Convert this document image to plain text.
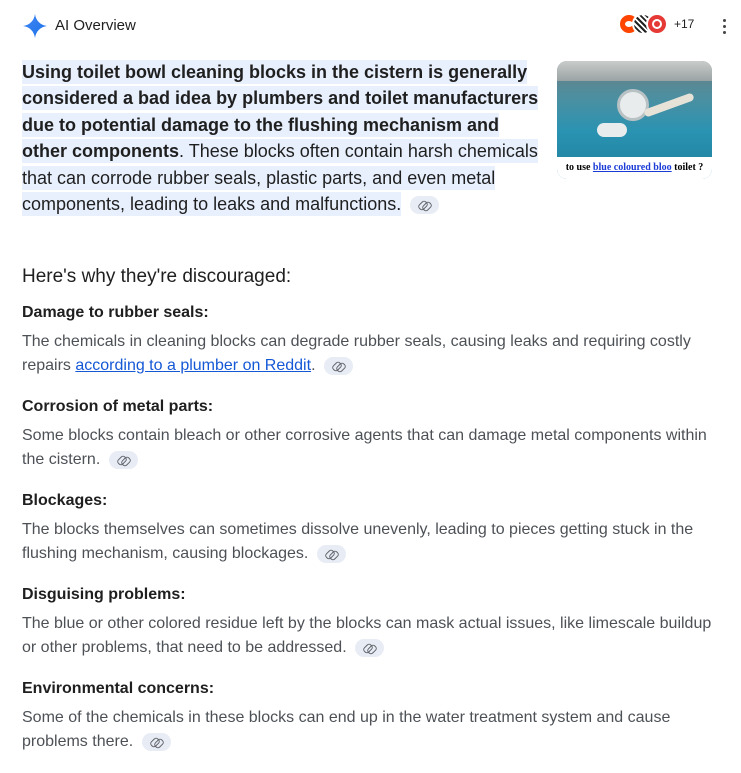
AI Overview	+17
Using toilet bowl cleaning blocks in the cistern is generally considered a bad idea by plumbers and toilet manufacturers due to potential damage to the flushing mechanism and other components. These blocks often contain harsh chemicals that can corrode rubber seals, plastic parts, and even metal components, leading to leaks and malfunctions.
to use blue coloured bloo toilet ?
Here's why they're discouraged:
Damage to rubber seals:
The chemicals in cleaning blocks can degrade rubber seals, causing leaks and requiring costly repairs according to a plumber on Reddit.
Corrosion of metal parts:
Some blocks contain bleach or other corrosive agents that can damage metal components within the cistern.
Blockages:
The blocks themselves can sometimes dissolve unevenly, leading to pieces getting stuck in the flushing mechanism, causing blockages.
Disguising problems:
The blue or other colored residue left by the blocks can mask actual issues, like limescale buildup or other problems, that need to be addressed.
Environmental concerns:
Some of the chemicals in these blocks can end up in the water treatment system and cause problems there.
